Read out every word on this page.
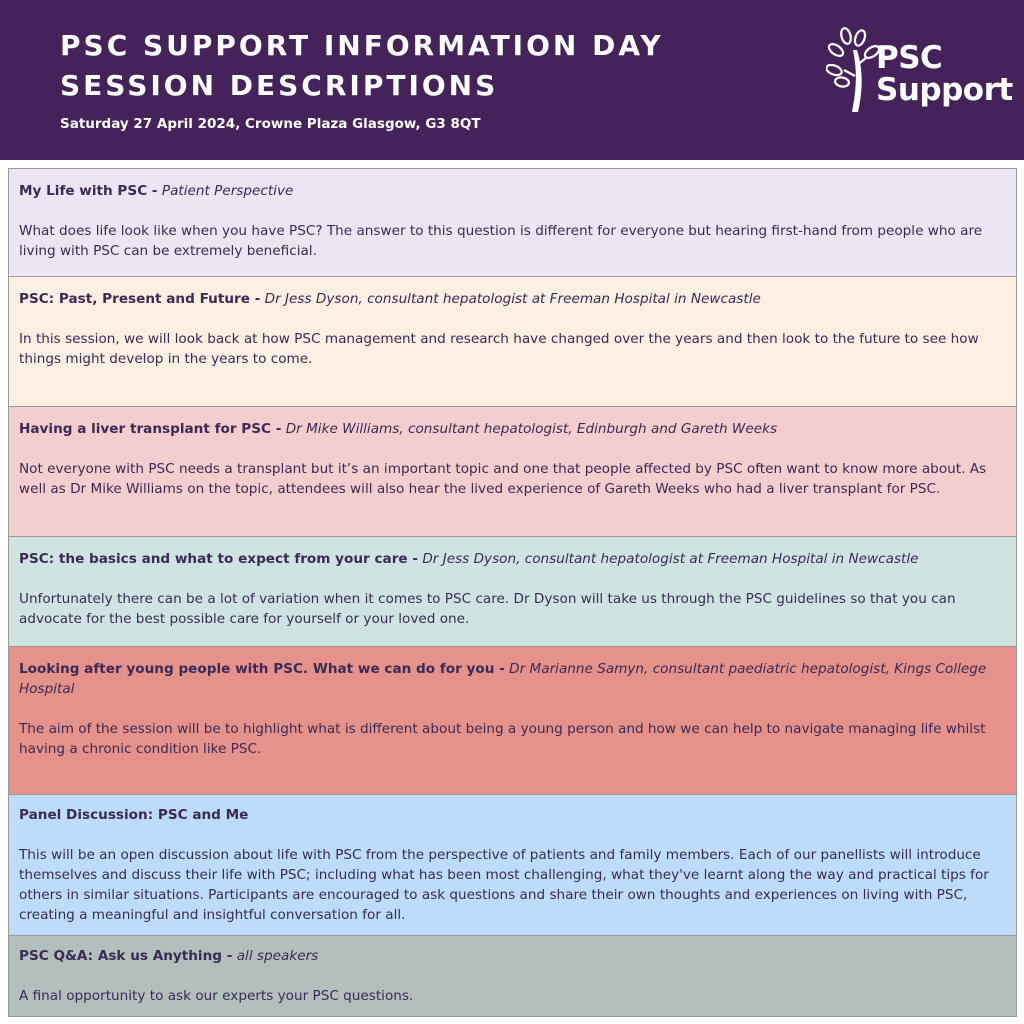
PSC SUPPORT INFORMATION DAY
SESSION DESCRIPTIONS
Saturday 27 April 2024, Crowne Plaza Glasgow, G3 8QT
PSC
Support

My Life with PSC - Patient Perspective

What does life look like when you have PSC? The answer to this question is different for everyone but hearing first-hand from people who are living with PSC can be extremely beneficial.

PSC: Past, Present and Future - Dr Jess Dyson, consultant hepatologist at Freeman Hospital in Newcastle

In this session, we will look back at how PSC management and research have changed over the years and then look to the future to see how things might develop in the years to come.

Having a liver transplant for PSC - Dr Mike Williams, consultant hepatologist, Edinburgh and Gareth Weeks

Not everyone with PSC needs a transplant but it’s an important topic and one that people affected by PSC often want to know more about. As well as Dr Mike Williams on the topic, attendees will also hear the lived experience of Gareth Weeks who had a liver transplant for PSC.

PSC: the basics and what to expect from your care - Dr Jess Dyson, consultant hepatologist at Freeman Hospital in Newcastle

Unfortunately there can be a lot of variation when it comes to PSC care. Dr Dyson will take us through the PSC guidelines so that you can advocate for the best possible care for yourself or your loved one.

Looking after young people with PSC. What we can do for you - Dr Marianne Samyn, consultant paediatric hepatologist, Kings College Hospital

The aim of the session will be to highlight what is different about being a young person and how we can help to navigate managing life whilst having a chronic condition like PSC.

Panel Discussion: PSC and Me

This will be an open discussion about life with PSC from the perspective of patients and family members. Each of our panellists will introduce themselves and discuss their life with PSC; including what has been most challenging, what they've learnt along the way and practical tips for others in similar situations. Participants are encouraged to ask questions and share their own thoughts and experiences on living with PSC, creating a meaningful and insightful conversation for all.

PSC Q&A: Ask us Anything - all speakers

A final opportunity to ask our experts your PSC questions.
